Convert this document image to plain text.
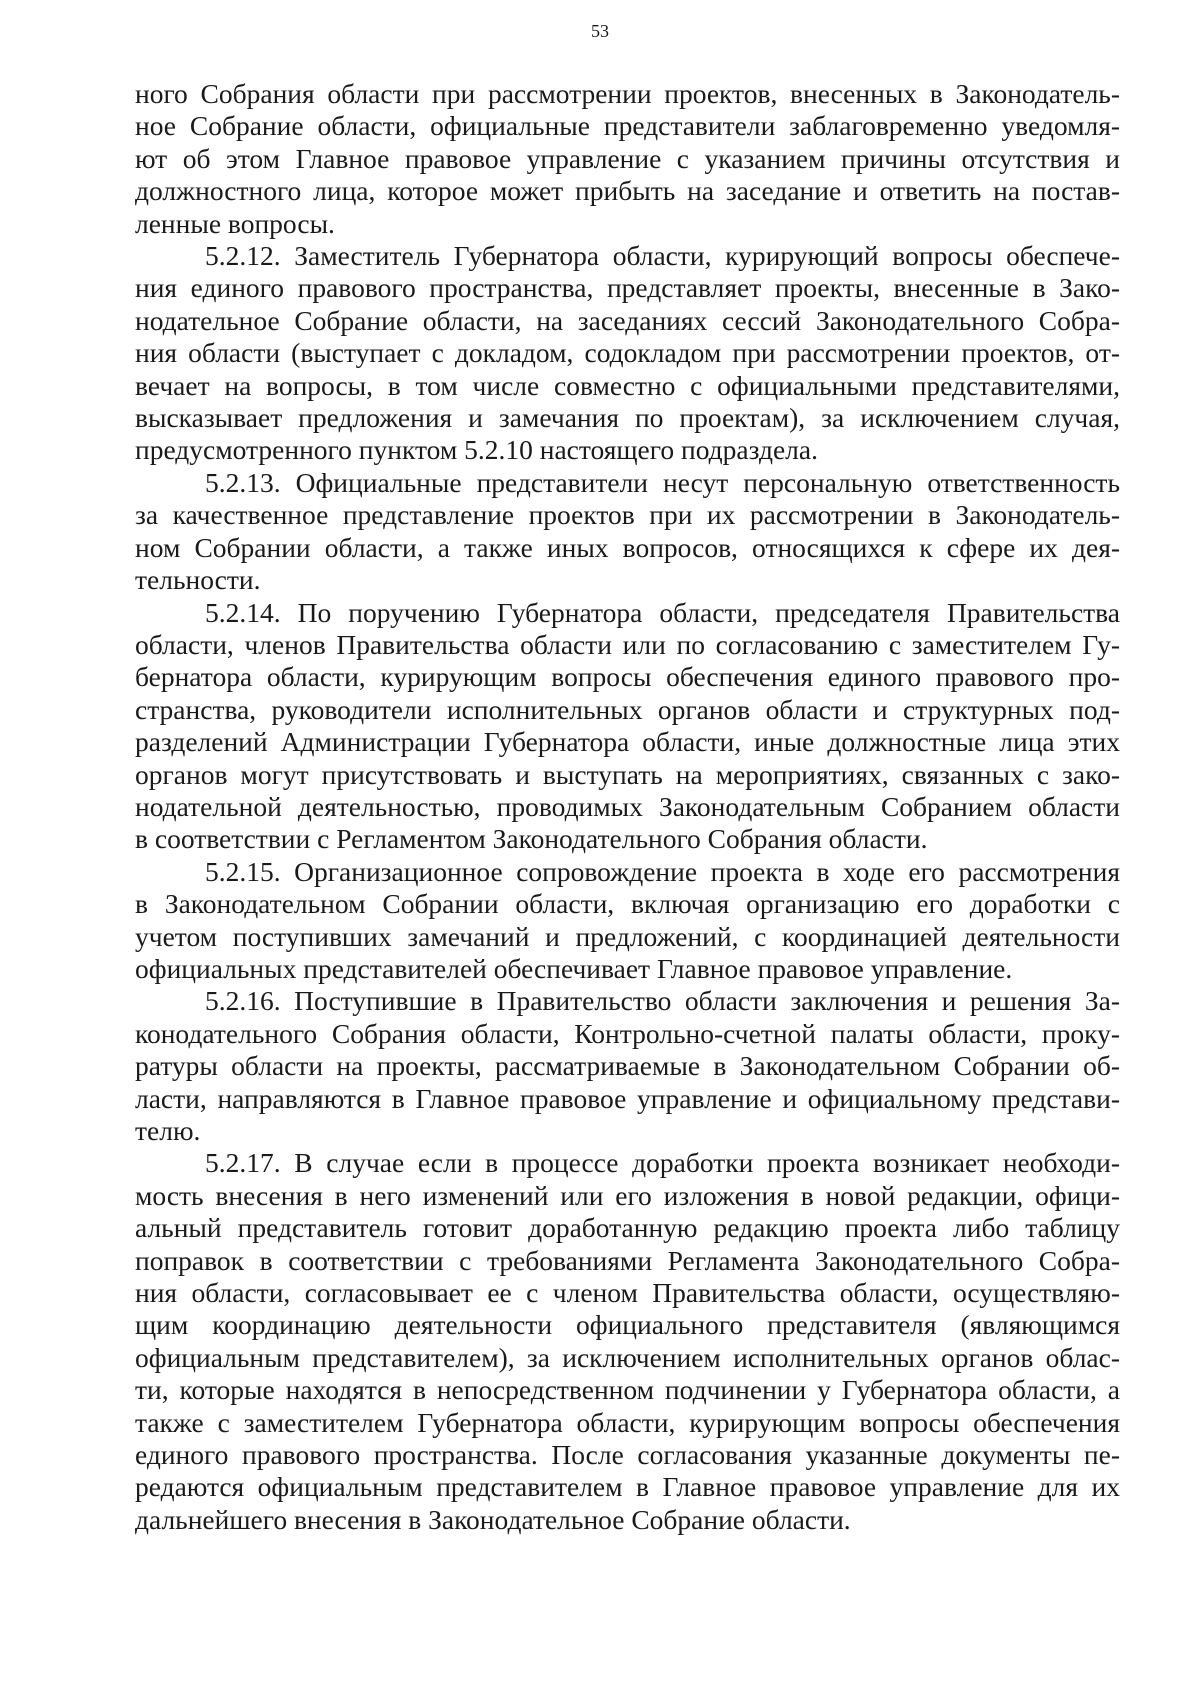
53
ного Собрания области при рассмотрении проектов, внесенных в Законодатель-
ное Собрание области, официальные представители заблаговременно уведомля-
ют об этом Главное правовое управление с указанием причины отсутствия и
должностного лица, которое может прибыть на заседание и ответить на постав-
ленные вопросы.
5.2.12. Заместитель Губернатора области, курирующий вопросы обеспече-
ния единого правового пространства, представляет проекты, внесенные в Зако-
нодательное Собрание области, на заседаниях сессий Законодательного Собра-
ния области (выступает с докладом, содокладом при рассмотрении проектов, от-
вечает на вопросы, в том числе совместно с официальными представителями,
высказывает предложения и замечания по проектам), за исключением случая,
предусмотренного пунктом 5.2.10 настоящего подраздела.
5.2.13. Официальные представители несут персональную ответственность
за качественное представление проектов при их рассмотрении в Законодатель-
ном Собрании области, а также иных вопросов, относящихся к сфере их дея-
тельности.
5.2.14. По поручению Губернатора области, председателя Правительства
области, членов Правительства области или по согласованию с заместителем Гу-
бернатора области, курирующим вопросы обеспечения единого правового про-
странства, руководители исполнительных органов области и структурных под-
разделений Администрации Губернатора области, иные должностные лица этих
органов могут присутствовать и выступать на мероприятиях, связанных с зако-
нодательной деятельностью, проводимых Законодательным Собранием области
в соответствии с Регламентом Законодательного Собрания области.
5.2.15. Организационное сопровождение проекта в ходе его рассмотрения
в Законодательном Собрании области, включая организацию его доработки с
учетом поступивших замечаний и предложений, с координацией деятельности
официальных представителей обеспечивает Главное правовое управление.
5.2.16. Поступившие в Правительство области заключения и решения За-
конодательного Собрания области, Контрольно-счетной палаты области, проку-
ратуры области на проекты, рассматриваемые в Законодательном Собрании об-
ласти, направляются в Главное правовое управление и официальному представи-
телю.
5.2.17. В случае если в процессе доработки проекта возникает необходи-
мость внесения в него изменений или его изложения в новой редакции, офици-
альный представитель готовит доработанную редакцию проекта либо таблицу
поправок в соответствии с требованиями Регламента Законодательного Собра-
ния области, согласовывает ее с членом Правительства области, осуществляю-
щим координацию деятельности официального представителя (являющимся
официальным представителем), за исключением исполнительных органов облас-
ти, которые находятся в непосредственном подчинении у Губернатора области, а
также с заместителем Губернатора области, курирующим вопросы обеспечения
единого правового пространства. После согласования указанные документы пе-
редаются официальным представителем в Главное правовое управление для их
дальнейшего внесения в Законодательное Собрание области.
